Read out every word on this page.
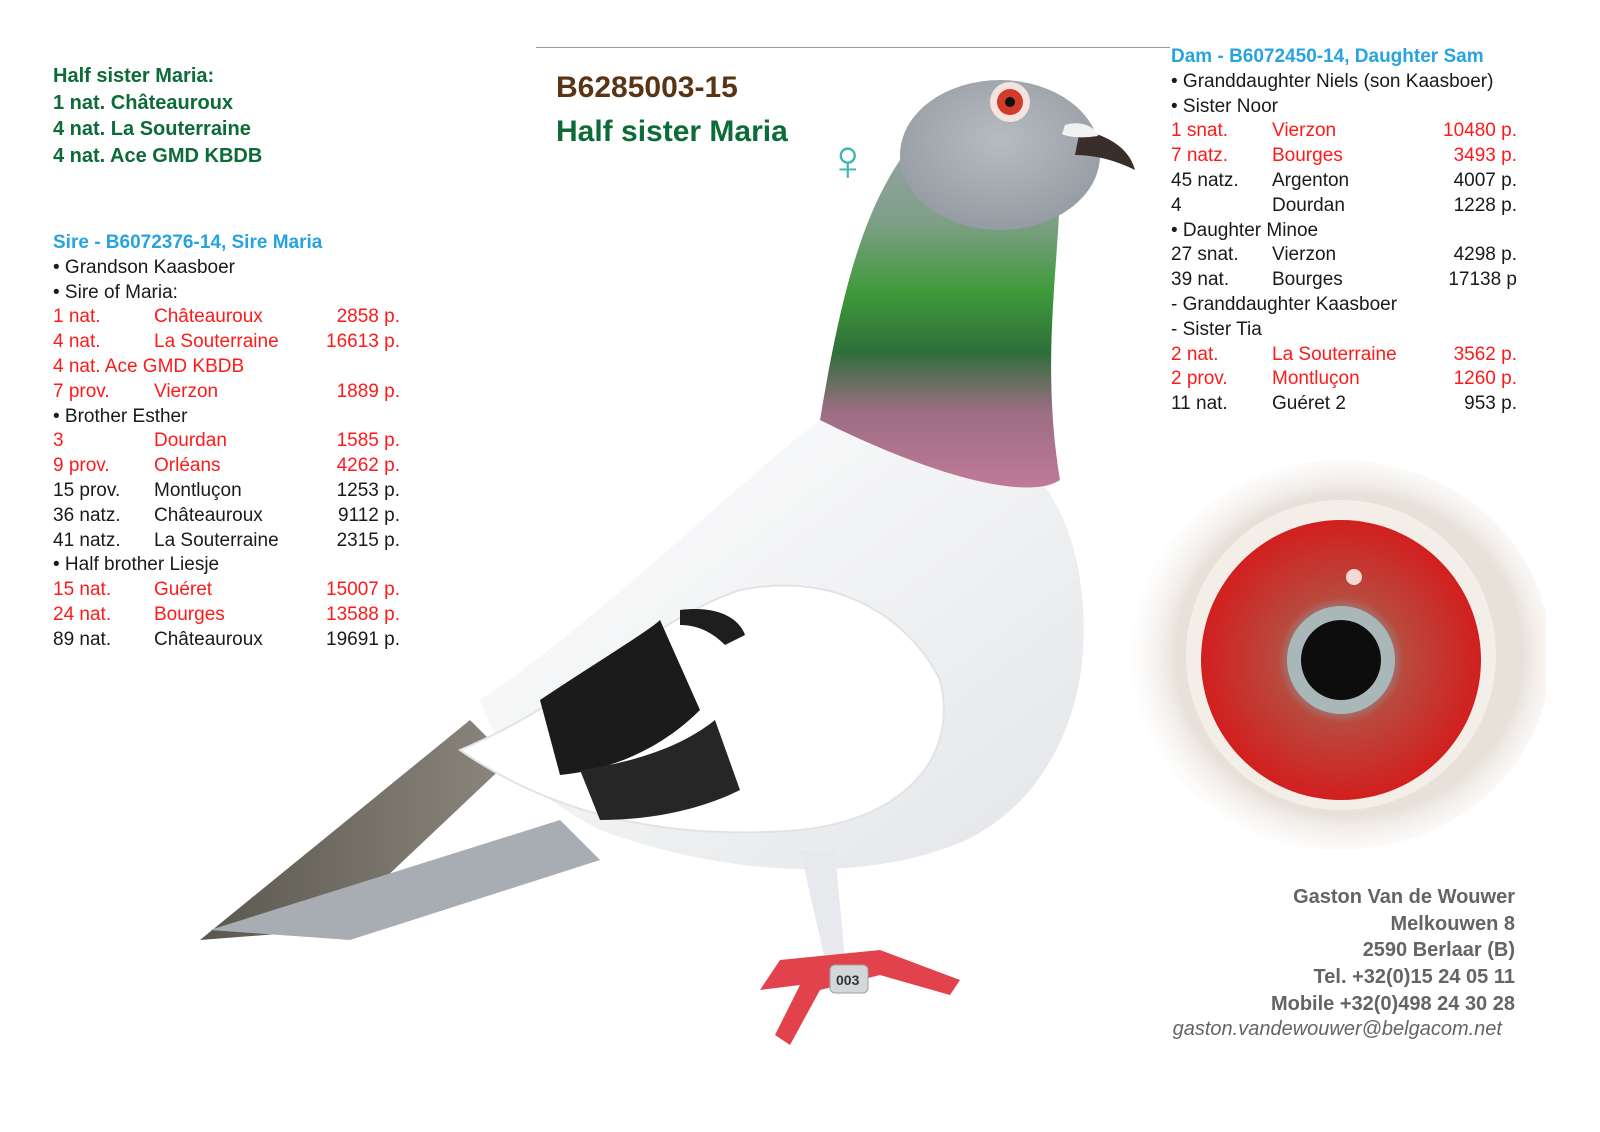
003
Half sister Maria:
1 nat. Châteauroux
4 nat. La Souterraine
4 nat. Ace GMD KBDB
B6285003-15
Half sister Maria ♀
Sire - B6072376-14, Sire Maria
• Grandson Kaasboer
• Sire of Maria:
1 nat.	Châteauroux	2858 p.
4 nat.	La Souterraine 16613 p.
4 nat. Ace GMD KBDB
7 prov. Vierzon	1889 p.
• Brother Esther
3	Dourdan	1585 p.
9 prov. Orléans	4262 p.
15 prov. Montluçon	1253 p.
36 natz. Châteauroux	9112 p.
41 natz. La Souterraine	2315 p.
• Half brother Liesje
15 nat. Guéret	15007 p.
24 nat. Bourges	13588 p.
89 nat. Châteauroux	19691 p.
Dam - B6072450-14, Daughter Sam
• Granddaughter Niels (son Kaasboer)
• Sister Noor
1 snat. Vierzon	10480 p.
7 natz. Bourges	3493 p.
45 natz. Argenton	4007 p.
4	Dourdan	1228 p.
• Daughter Minoe
27 snat. Vierzon	4298 p.
39 nat. Bourges	17138 p
- Granddaughter Kaasboer
- Sister Tia
2 nat.	La Souterraine	3562 p.
2 prov. Montluçon	1260 p.
11 nat. Guéret 2	953 p.
Gaston Van de Wouwer
Melkouwen 8
2590 Berlaar (B)
Tel. +32(0)15 24 05 11
Mobile +32(0)498 24 30 28
gaston.vandewouwer@belgacom.net
